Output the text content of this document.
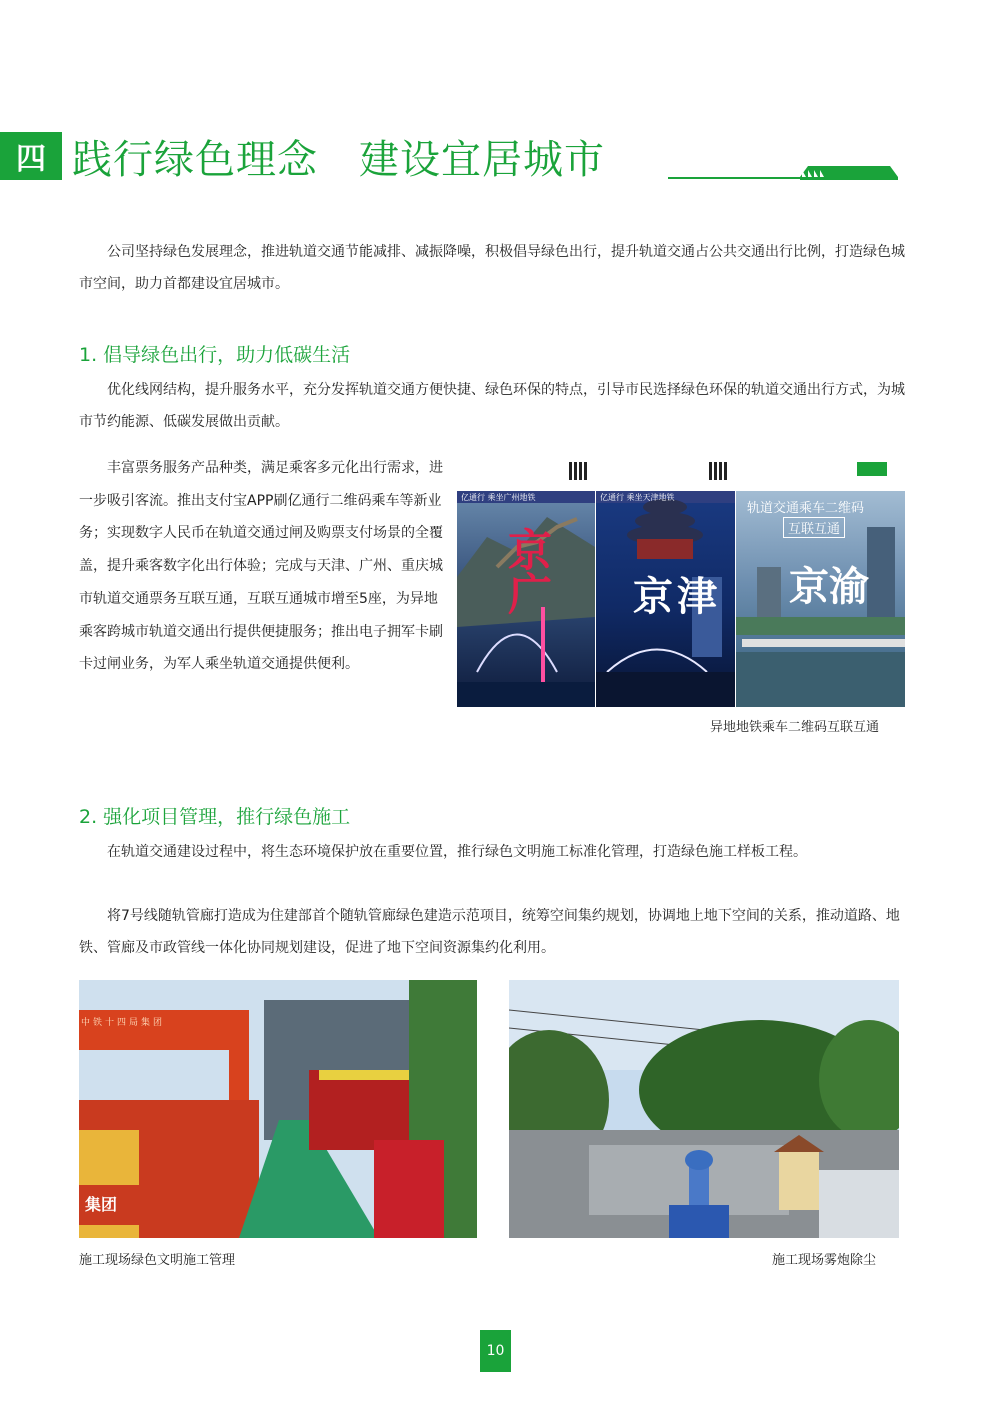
四 践行绿色理念　建设宜居城市

公司坚持绿色发展理念，推进轨道交通节能减排、减振降噪，积极倡导绿色出行，提升轨道交通占公共交通出行比例，打造绿色城市空间，助力首都建设宜居城市。

1. 倡导绿色出行，助力低碳生活

优化线网结构，提升服务水平，充分发挥轨道交通方便快捷、绿色环保的特点，引导市民选择绿色环保的轨道交通出行方式，为城市节约能源、低碳发展做出贡献。

丰富票务服务产品种类，满足乘客多元化出行需求，进一步吸引客流。推出支付宝APP刷亿通行二维码乘车等新业务；实现数字人民币在轨道交通过闸及购票支付场景的全覆盖，提升乘客数字化出行体验；完成与天津、广州、重庆城市轨道交通票务互联互通，互联互通城市增至5座，为异地乘客跨城市轨道交通出行提供便捷服务；推出电子拥军卡刷卡过闸业务，为军人乘坐轨道交通提供便利。

亿通行 乘坐广州地铁
京广
亿通行 乘坐天津地铁
京津
轨道交通乘车二维码
互联互通
京渝
异地地铁乘车二维码互联互通
2. 强化项目管理，推行绿色施工

在轨道交通建设过程中，将生态环境保护放在重要位置，推行绿色文明施工标准化管理，打造绿色施工样板工程。

将7号线随轨管廊打造成为住建部首个随轨管廊绿色建造示范项目，统筹空间集约规划，协调地上地下空间的关系，推动道路、地铁、管廊及市政管线一体化协同规划建设，促进了地下空间资源集约化利用。

中铁十四局集团
集团
施工现场绿色文明施工管理	施工现场雾炮除尘
10
